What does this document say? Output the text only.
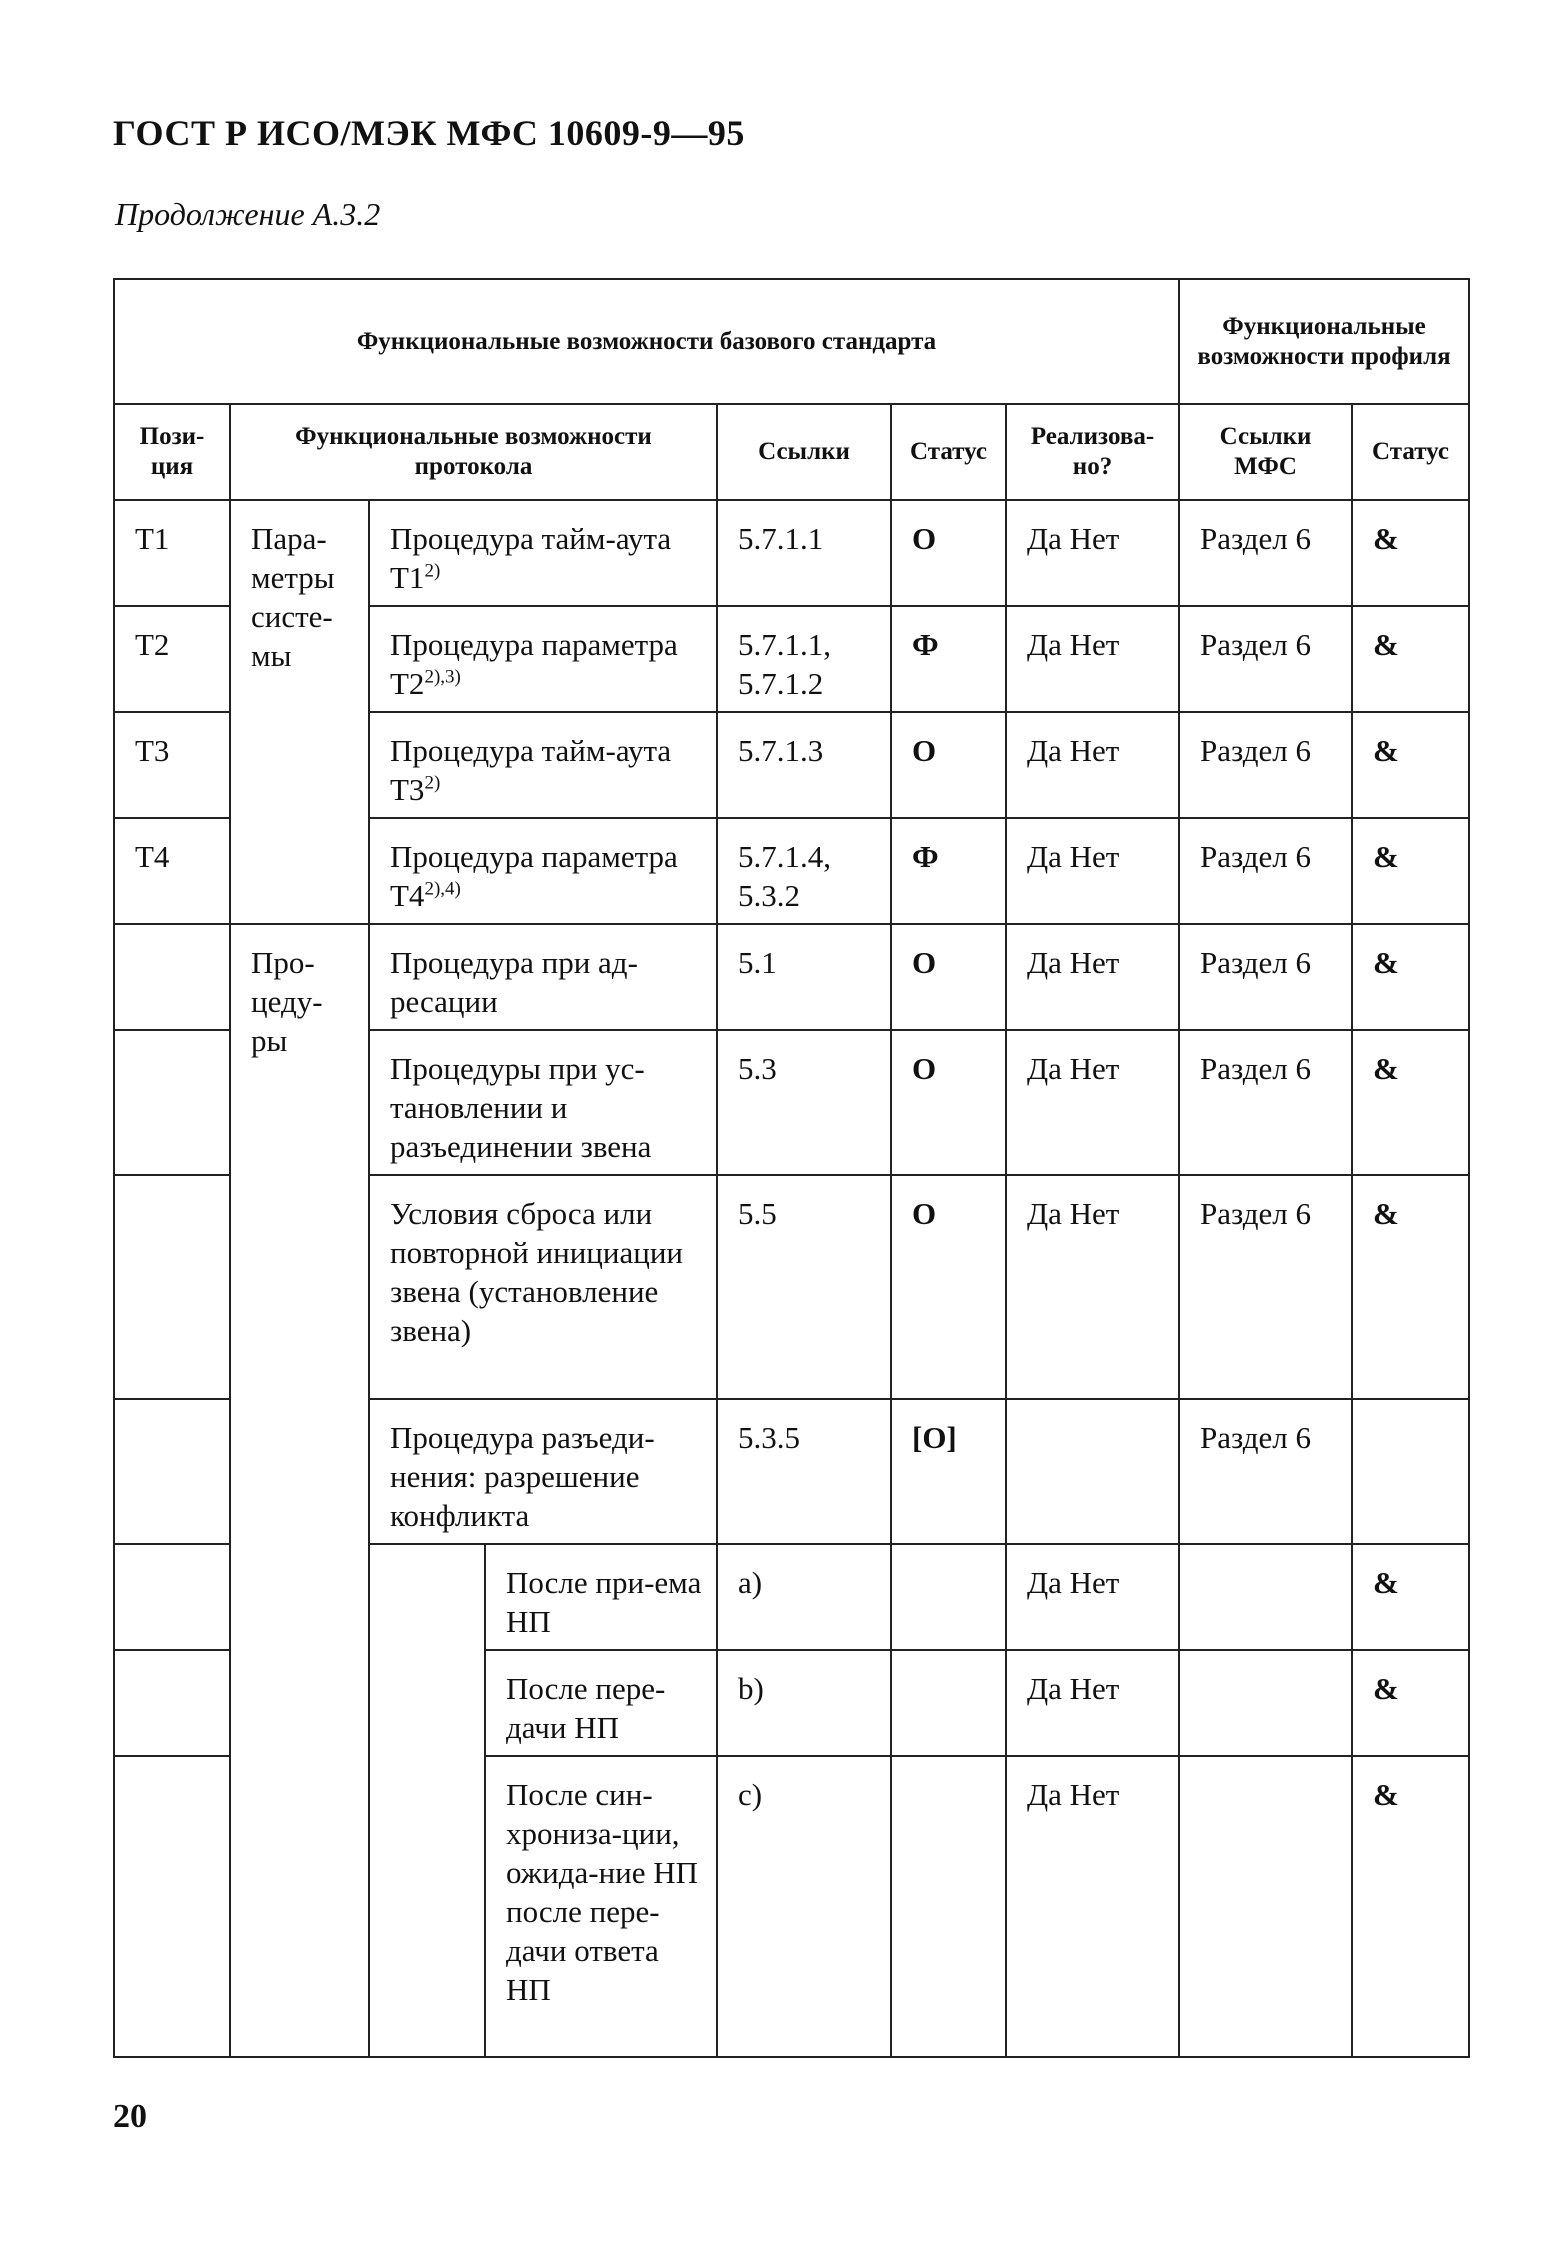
ГОСТ Р ИСО/МЭК МФС 10609-9—95
Продолжение А.3.2
Функциональные возможности базового стандарта							Функциональные возможности профиля	
Пози-ция	Функциональные возможности протокола			Ссылки	Статус	Реализова-но?	Ссылки МФС	Статус
T1	Пара-метры систе-мы	Процедура тайм-аута T1$^{2)}$		5.7.1.1	О	Да Нет	Раздел 6	&
T2		Процедура параметра $T2^{2),3)}$		5.7.1.1, 5.7.1.2	Ф	Да Нет	Раздел 6	&
T3		Процедура тайм-аута T3$^{2)}$		5.7.1.3	О	Да Нет	Раздел 6	&
T4		Процедура параметра $T4^{2),4)}$		5.7.1.4, 5.3.2	Ф	Да Нет	Раздел 6	&
	Про-цеду-ры	Процедура при ад-ресации		5.1	О	Да Нет	Раздел 6	&
		Процедуры при ус-тановлении и разъединении звена		5.3	О	Да Нет	Раздел 6	&
		Условия сброса или повторной инициации звена (установление звена)		5.5	О	Да Нет	Раздел 6	&
		Процедура разъеди-нения: разрешение конфликта		5.3.5	[О]		Раздел 6	
			После при-ема НП	a)		Да Нет		&
			После пере-дачи НП	b)		Да Нет		&
			После син-хрониза-ции, ожида-ние НП после пере-дачи ответа НП	c)		Да Нет		&
20
